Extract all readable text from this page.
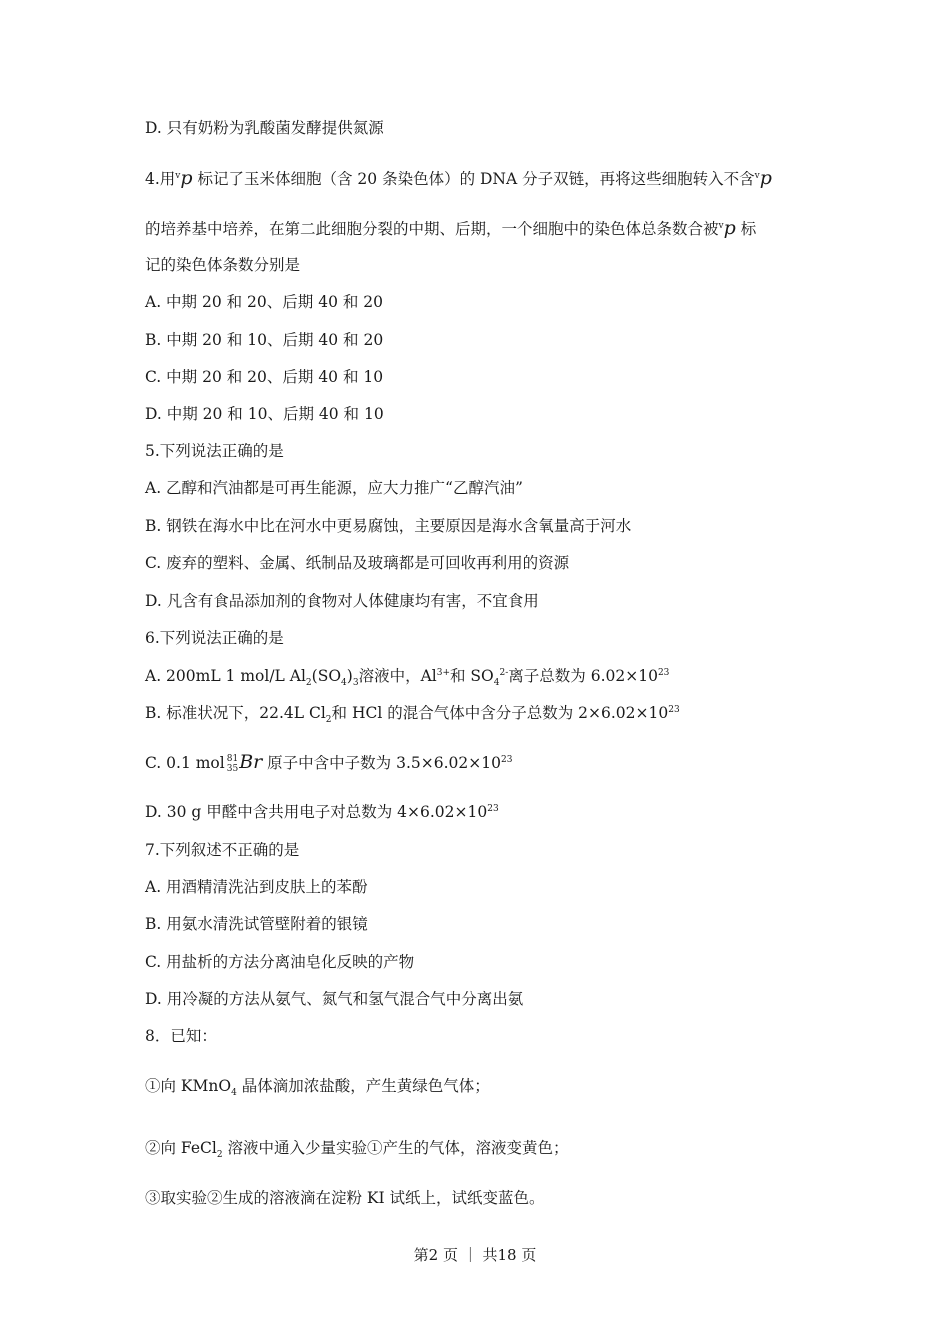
D. 只有奶粉为乳酸菌发酵提供氮源
4.用$^v$p 标记了玉米体细胞（含 20 条染色体）的 DNA 分子双链，再将这些细胞转入不含$^v$p
的培养基中培养，在第二此细胞分裂的中期、后期，一个细胞中的染色体总条数合被$^v$p 标
记的染色体条数分别是
A. 中期 20 和 20、后期 40 和 20
B. 中期 20 和 10、后期 40 和 20
C. 中期 20 和 20、后期 40 和 10
D. 中期 20 和 10、后期 40 和 10
5.下列说法正确的是
A. 乙醇和汽油都是可再生能源，应大力推广“乙醇汽油”
B. 钢铁在海水中比在河水中更易腐蚀，主要原因是海水含氧量高于河水
C. 废弃的塑料、金属、纸制品及玻璃都是可回收再利用的资源
D. 凡含有食品添加剂的食物对人体健康均有害，不宜食用
6.下列说法正确的是
A. 200mL 1 mol/L $Al_2(SO_4)_3$溶液中，$Al^{3+}$和 $SO_4^{2-}$离子总数为 $6.02\times 10^{23}$
B. 标准状况下，22.4L $Cl_2$和 HCl 的混合气体中含分子总数为 $2\times 6.02\times 10^{23}$
C. 0.1 mol 81
35Br 原子中含中子数为 $3.5\times 6.02\times 10^{23}$
D. 30 g 甲醛中含共用电子对总数为 $4\times 6.02\times 10^{23}$
7.下列叙述不正确的是
A. 用酒精清洗沾到皮肤上的苯酚
B. 用氨水清洗试管壁附着的银镜
C. 用盐析的方法分离油皂化反映的产物
D. 用冷凝的方法从氨气、氮气和氢气混合气中分离出氨
8．已知：
①向 KMnO$_4$ 晶体滴加浓盐酸，产生黄绿色气体；
②向 FeCl$_2$ 溶液中通入少量实验①产生的气体，溶液变黄色；
③取实验②生成的溶液滴在淀粉 KI 试纸上，试纸变蓝色。
第2 页 ｜ 共18 页
